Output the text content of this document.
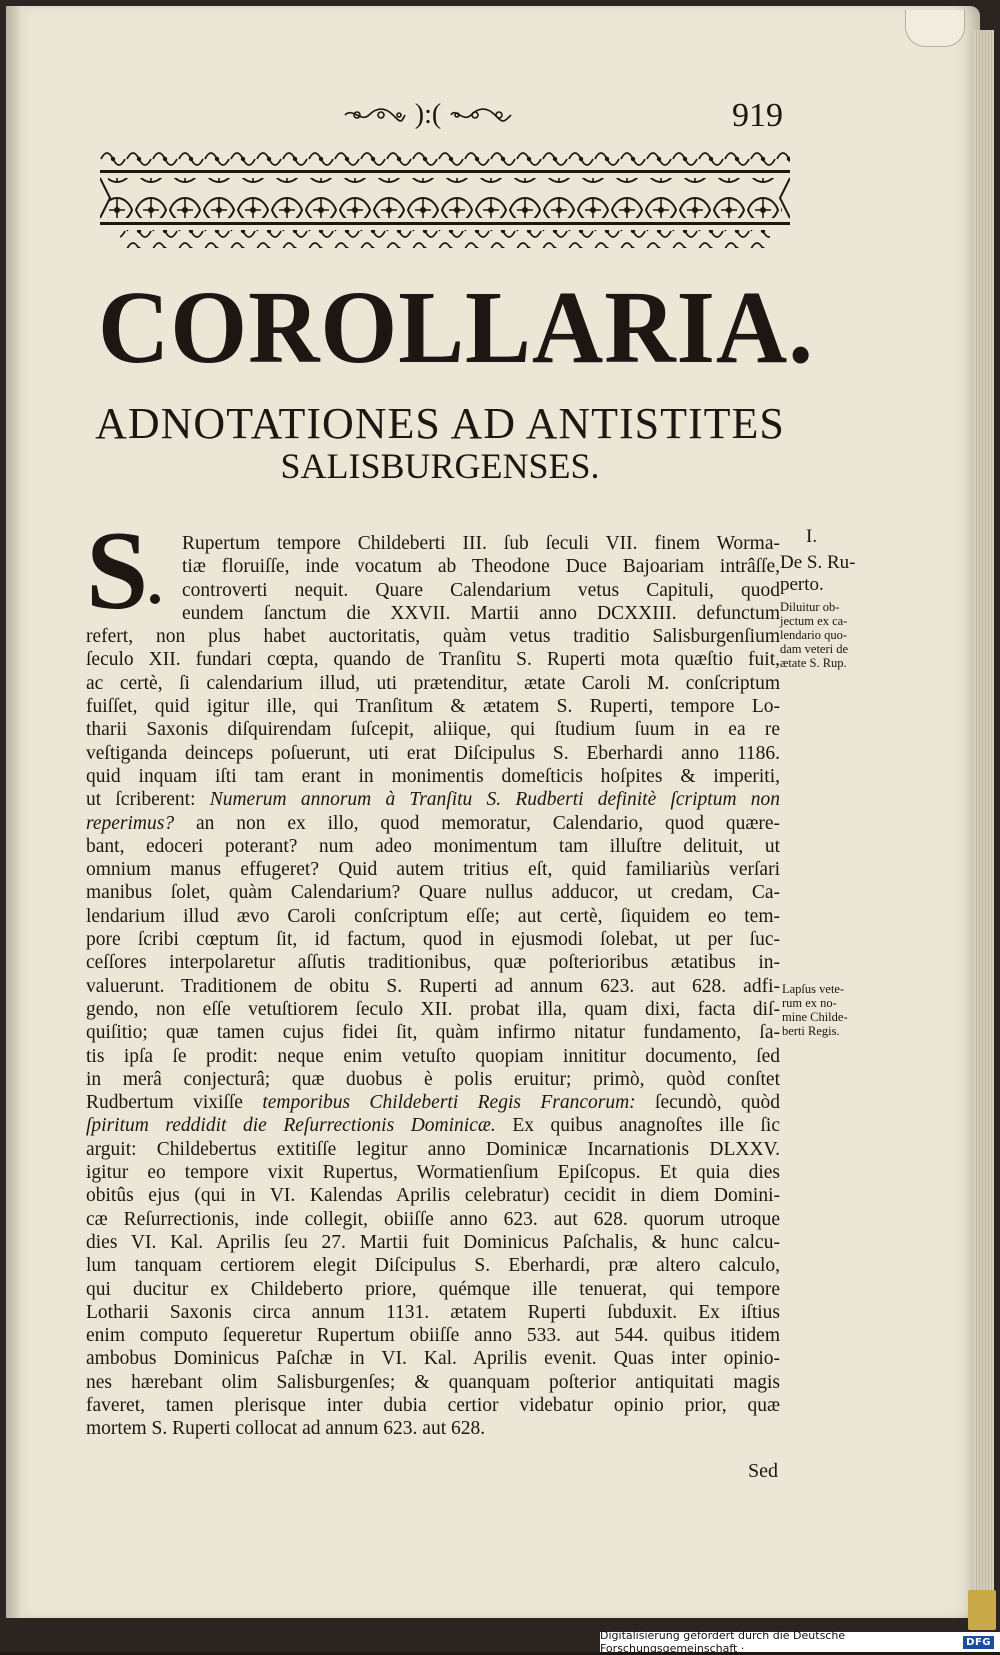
):(	919
COROLLARIA.
ADNOTATIONES AD ANTISTITES
SALISBURGENSES.
S	Rupertum tempore Childeberti III. ſub ſeculi VII. finem Worma-
tiæ floruiſſe, inde vocatum ab Theodone Duce Bajoariam intrâſſe,
controverti nequit. Quare Calendarium vetus Capituli, quod
eundem ſanctum die XXVII. Martii anno DCXXIII. defunctum
refert, non plus habet auctoritatis, quàm vetus traditio Salisburgenſium
ſeculo XII. fundari cœpta, quando de Tranſitu S. Ruperti mota quæſtio fuit,
ac certè, ſi calendarium illud, uti prætenditur, ætate Caroli M. conſcriptum
fuiſſet, quid igitur ille, qui Tranſitum & ætatem S. Ruperti, tempore Lo-
tharii Saxonis diſquirendam ſuſcepit, aliique, qui ſtudium ſuum in ea re
veſtiganda deinceps poſuerunt, uti erat Diſcipulus S. Eberhardi anno 1186.
quid inquam iſti tam erant in monimentis domeſticis hoſpites & imperiti,
ut ſcriberent: Numerum annorum à Tranſitu S. Rudberti definitè ſcriptum non
reperimus? an non ex illo, quod memoratur, Calendario, quod quære-
bant, edoceri poterant? num adeo monimentum tam illuſtre delituit, ut
omnium manus effugeret? Quid autem tritius eſt, quid familiariùs verſari
manibus ſolet, quàm Calendarium? Quare nullus adducor, ut credam, Ca-
lendarium illud ævo Caroli conſcriptum eſſe; aut certè, ſiquidem eo tem-
pore ſcribi cœptum ſit, id factum, quod in ejusmodi ſolebat, ut per ſuc-
ceſſores interpolaretur aſſutis traditionibus, quæ poſterioribus ætatibus in-
valuerunt. Traditionem de obitu S. Ruperti ad annum 623. aut 628. adfi-
gendo, non eſſe vetuſtiorem ſeculo XII. probat illa, quam dixi, facta diſ-
quiſitio; quæ tamen cujus fidei ſit, quàm infirmo nitatur fundamento, ſa-
tis ipſa ſe prodit: neque enim vetuſto quopiam innititur documento, ſed
in merâ conjecturâ; quæ duobus è polis eruitur; primò, quòd conſtet
Rudbertum vixiſſe temporibus Childeberti Regis Francorum: ſecundò, quòd
ſpiritum reddidit die Reſurrectionis Dominicæ. Ex quibus anagnoſtes ille ſic
arguit: Childebertus extitiſſe legitur anno Dominicæ Incarnationis DLXXV.
igitur eo tempore vixit Rupertus, Wormatienſium Epiſcopus. Et quia dies
obitûs ejus (qui in VI. Kalendas Aprilis celebratur) cecidit in diem Domini-
cæ Reſurrectionis, inde collegit, obiiſſe anno 623. aut 628. quorum utroque
dies VI. Kal. Aprilis ſeu 27. Martii fuit Dominicus Paſchalis, & hunc calcu-
lum tanquam certiorem elegit Diſcipulus S. Eberhardi, præ altero calculo,
qui ducitur ex Childeberto priore, quémque ille tenuerat, qui tempore
Lotharii Saxonis circa annum 1131. ætatem Ruperti ſubduxit. Ex iſtius
enim computo ſequeretur Rupertum obiiſſe anno 533. aut 544. quibus itidem
ambobus Dominicus Paſchæ in VI. Kal. Aprilis evenit. Quas inter opinio-
nes hærebant olim Salisburgenſes; & quanquam poſterior antiquitati magis
faveret, tamen plerisque inter dubia certior videbatur opinio prior, quæ
mortem S. Ruperti collocat ad annum 623. aut 628.
I.
De S. Ru-
perto.
Diluitur ob-
jectum ex ca-
lendario quo-
dam veteri de
ætate S. Rup.
Lapſus vete-
rum ex no-
mine Childe-
berti Regis.
Sed
Digitalisierung gefördert durch die Deutsche Forschungsgemeinschaft ·	DFG
